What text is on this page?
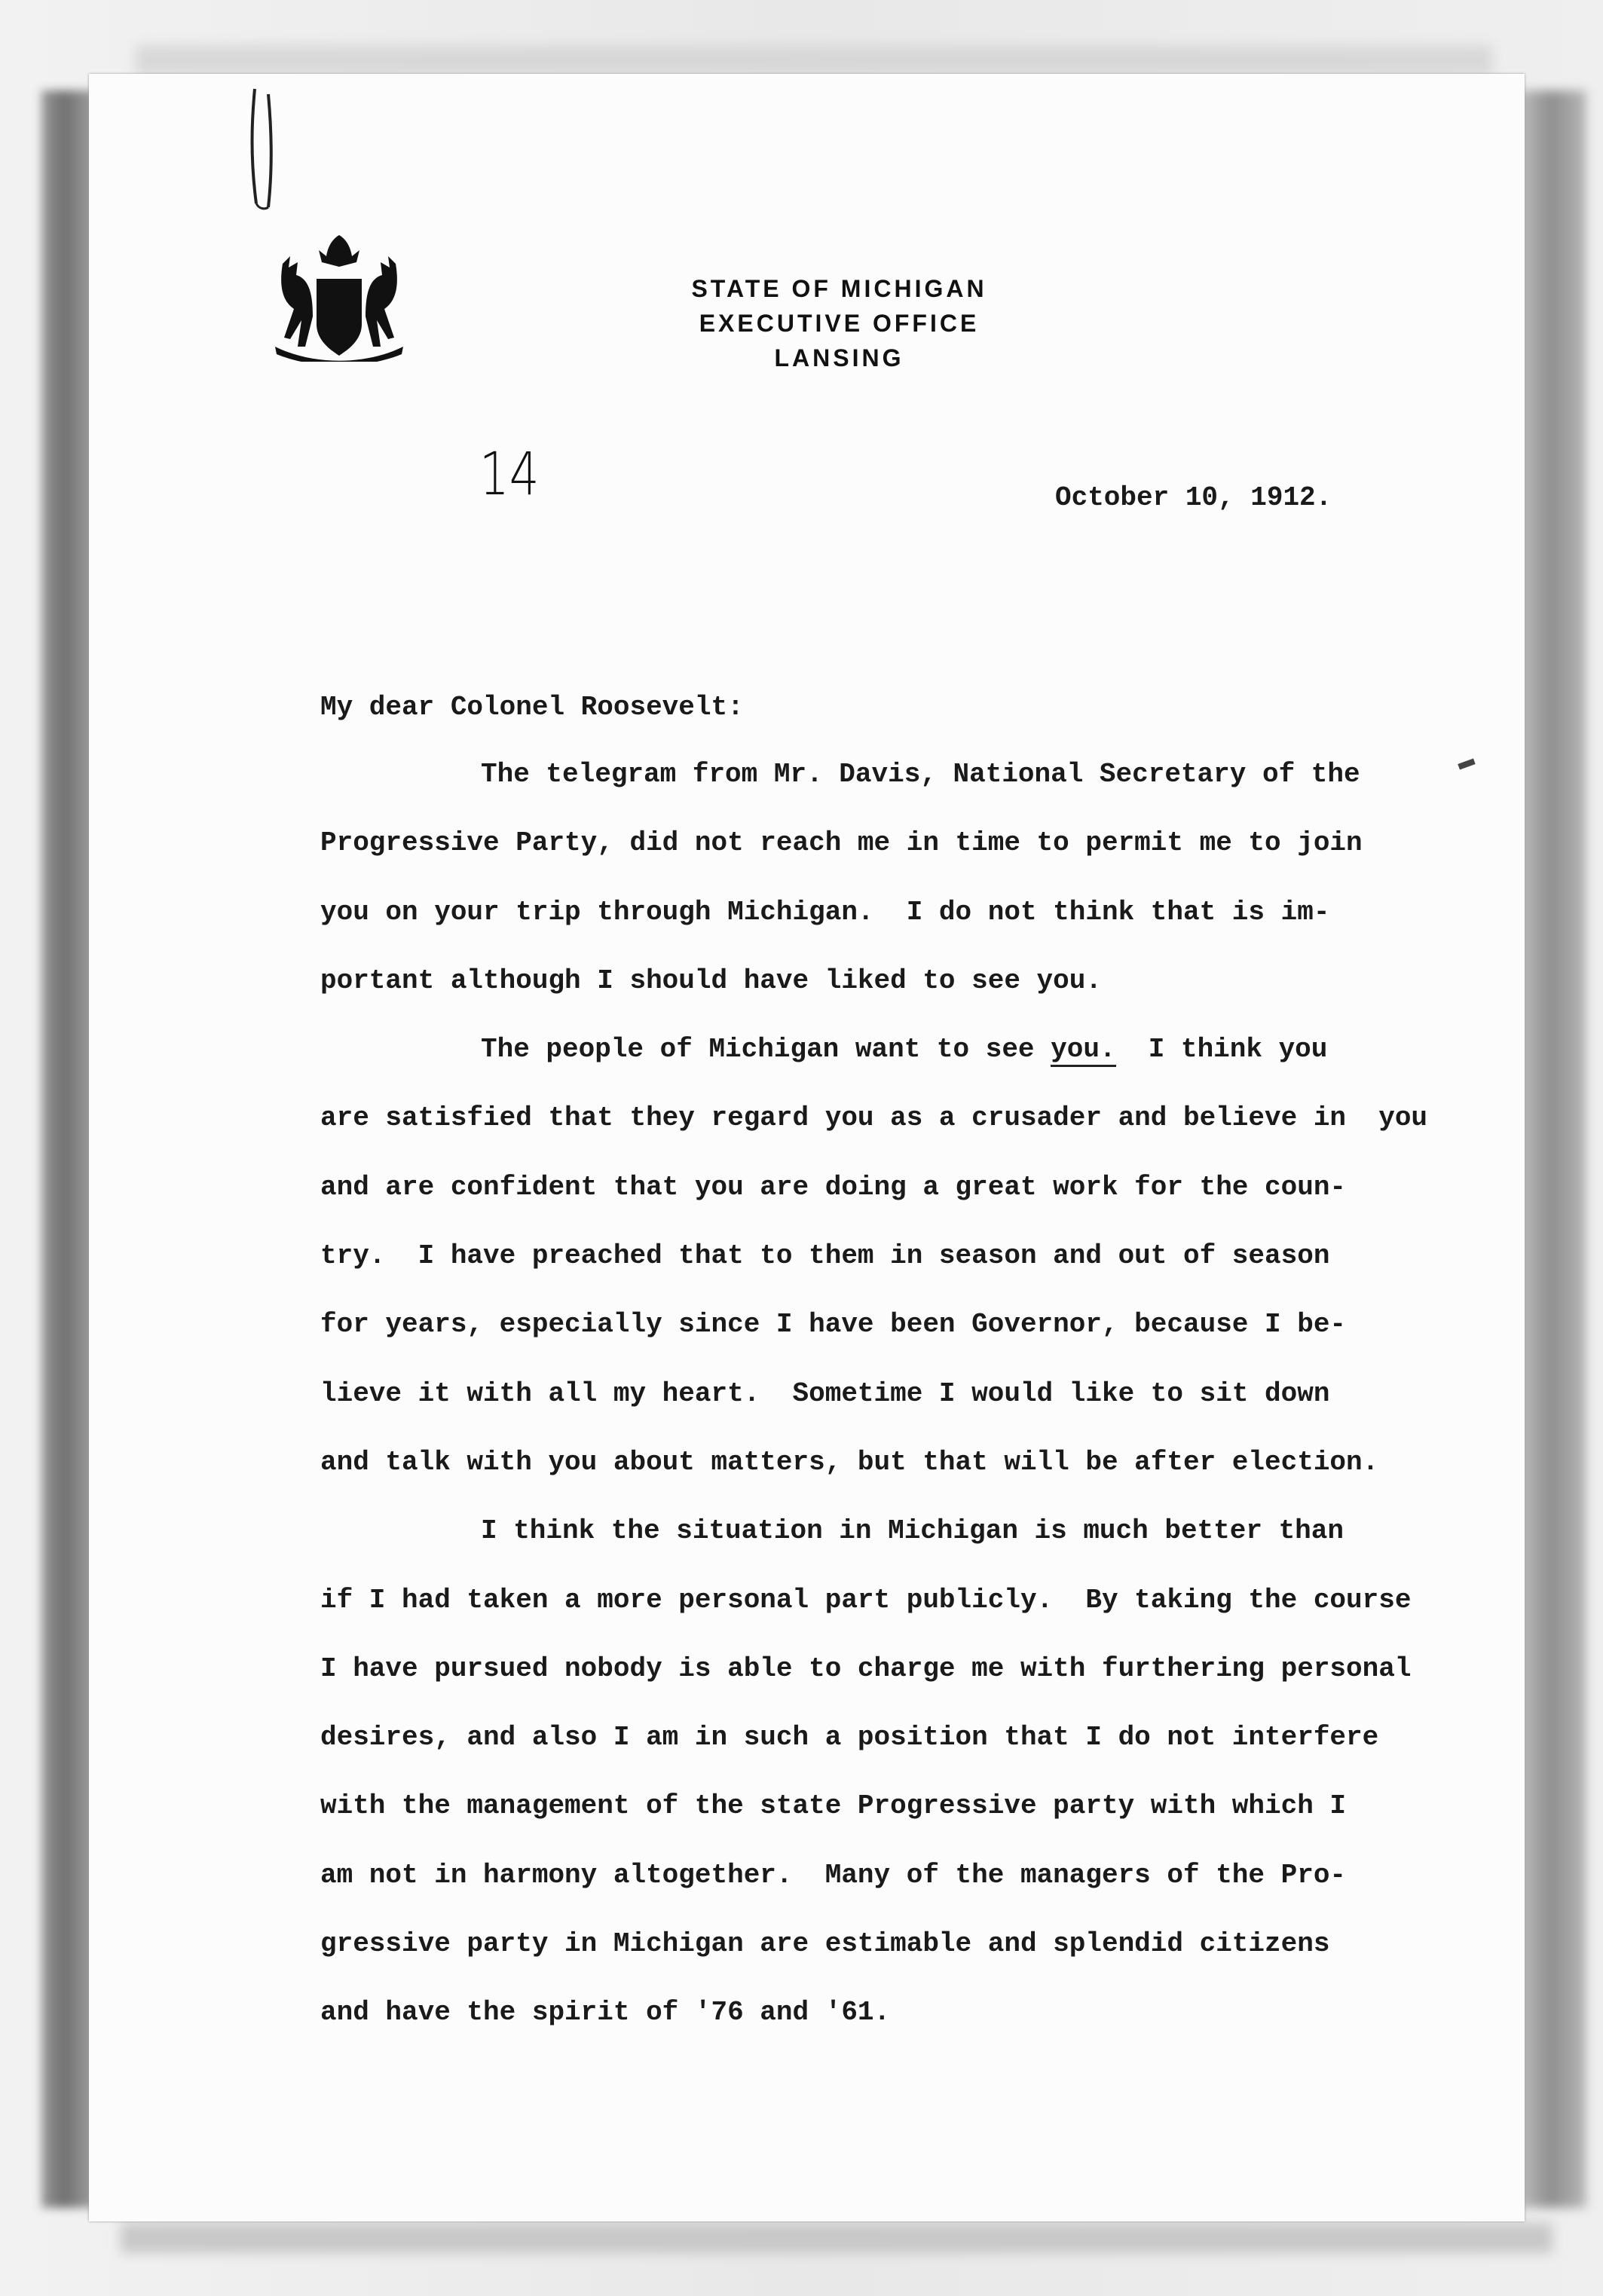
STATE OF MICHIGAN
EXECUTIVE OFFICE
LANSING
14	October 10, 1912.
My dear Colonel Roosevelt:
The telegram from Mr. Davis, National Secretary of the
Progressive Party, did not reach me in time to permit me to join
you on your trip through Michigan.  I do not think that is im-
portant although I should have liked to see you.
The people of Michigan want to see you.  I think you
are satisfied that they regard you as a crusader and believe in  you
and are confident that you are doing a great work for the coun-
try.  I have preached that to them in season and out of season
for years, especially since I have been Governor, because I be-
lieve it with all my heart.  Sometime I would like to sit down
and talk with you about matters, but that will be after election.
I think the situation in Michigan is much better than
if I had taken a more personal part publicly.  By taking the course
I have pursued nobody is able to charge me with furthering personal
desires, and also I am in such a position that I do not interfere
with the management of the state Progressive party with which I
am not in harmony altogether.  Many of the managers of the Pro-
gressive party in Michigan are estimable and splendid citizens
and have the spirit of '76 and '61.
